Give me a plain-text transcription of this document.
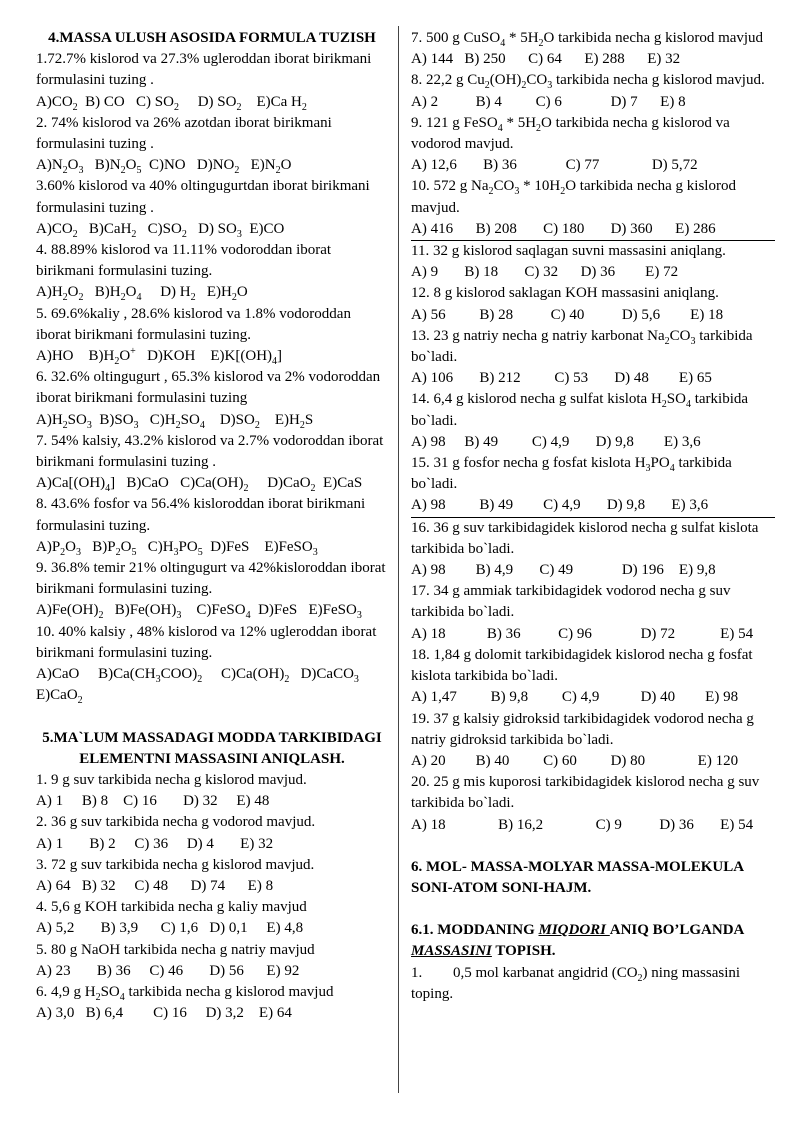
4.MASSA ULUSH ASOSIDA FORMULA TUZISH
1.72.7% kislorod va 27.3% ugleroddan iborat birikmani formulasini tuzing .
$A)CO_2$  B) CO   C) $SO_2$     D) $SO_2$    E)Ca $H_2$
2. 74% kislorod va 26% azotdan iborat birikmani formulasini tuzing .
$A)N_2O_3$   $B)N_2O_5$  C)NO   $D)NO_2$   $E)N_2O$
3.60% kislorod va 40% oltingugurtdan iborat birikmani formulasini tuzing .
$A)CO_2$   B)CaH$_2$   $C)SO_2$   D) $SO_3$  E)CO
4. 88.89% kislorod va 11.11% vodoroddan iborat birikmani formulasini tuzing.
$A)H_2O_2$   $B)H_2O_4$     D) $H_2$   $E)H_2O$
5. 69.6%kaliy , 28.6% kislorod va 1.8% vodoroddan iborat birikmani formulasini tuzing.
A)HO    $B)H_2O^+$   D)KOH    $E)K[(OH)_4]$
6. 32.6% oltingugurt , 65.3% kislorod va 2% vodoroddan iborat birikmani formulasini tuzing
$A)H_2SO_3$  $B)SO_3$   $C)H_2SO_4$    $D)SO_2$    $E)H_2S$
7. 54% kalsiy, 43.2% kislorod va 2.7% vodoroddan iborat birikmani formulasini tuzing .
$A)Ca[(OH)_4]$   B)CaO   $C)Ca(OH)_2$     D)CaO$_2$  E)CaS
8. 43.6% fosfor va 56.4% kisloroddan iborat birikmani formulasini tuzing.
$A)P_2O_3$   $B)P_2O_5$   $C)H_3PO_5$  D)FeS    E)FeSO$_3$
9. 36.8% temir 21% oltingugurt va 42%kisloroddan iborat birikmani formulasini tuzing.
$A)Fe(OH)_2$   $B)Fe(OH)_3$    C)FeSO$_4$  D)FeS   E)FeSO$_3$
10. 40% kalsiy , 48% kislorod va 12% ugleroddan iborat birikmani formulasini tuzing.
A)CaO     $B)Ca(CH_3COO)_2$     $C)Ca(OH)_2$   D)CaCO$_3$
E)CaO$_2$
5.MA`LUM MASSADAGI MODDA TARKIBIDAGI ELEMENTNI MASSASINI ANIQLASH.
1. 9 g suv tarkibida necha g kislorod mavjud.
A) 1     B) 8    C) 16       D) 32     E) 48
2. 36 g suv tarkibida necha g vodorod mavjud.
A) 1       B) 2     C) 36     D) 4       E) 32
3. 72 g suv tarkibida necha g kislorod mavjud.
A) 64   B) 32     C) 48      D) 74      E) 8
4. 5,6 g KOH tarkibida necha g kaliy mavjud
A) 5,2       B) 3,9      C) 1,6   D) 0,1     E) 4,8
5. 80 g NaOH tarkibida necha g natriy mavjud
A) 23       B) 36     C) 46       D) 56      E) 92
6. 4,9 g $H_2SO_4$ tarkibida necha g kislorod mavjud
A) 3,0   B) 6,4        C) 16     D) 3,2    E) 64
7. 500 g CuSO$_4$ * $5H_2O$ tarkibida necha g kislorod mavjud
A) 144   B) 250      C) 64      E) 288      E) 32
8. 22,2 g $Cu_2(OH)_2CO_3$ tarkibida necha g kislorod mavjud.
A) 2          B) 4         C) 6             D) 7      E) 8
9. 121 g FeSO$_4$ * $5H_2O$ tarkibida necha g kislorod va vodorod mavjud.
A) 12,6       B) 36             C) 77              D) 5,72
10. 572 g $Na_2CO_3 * 10H_2O$ tarkibida necha g kislorod mavjud.
A) 416      B) 208       C) 180       D) 360      E) 286
11. 32 g kislorod saqlagan suvni massasini aniqlang.
A) 9       B) 18       C) 32      D) 36        E) 72
12. 8 g kislorod saklagan KOH massasini aniqlang.
A) 56         B) 28          C) 40          D) 5,6        E) 18
13. 23 g natriy necha g natriy karbonat $Na_2CO_3$ tarkibida bo`ladi.
A) 106       B) 212         C) 53       D) 48        E) 65
14. 6,4 g kislorod necha g sulfat kislota $H_2SO_4$ tarkibida bo`ladi.
A) 98     B) 49         C) 4,9       D) 9,8        E) 3,6
15. 31 g fosfor necha g fosfat kislota $H_3PO_4$ tarkibida bo`ladi.
A) 98         B) 49        C) 4,9       D) 9,8       E) 3,6
16. 36 g suv tarkibidagidek kislorod necha g sulfat kislota tarkibida bo`ladi.
A) 98        B) 4,9       C) 49             D) 196    E) 9,8
17. 34 g ammiak tarkibidagidek vodorod necha g suv tarkibida bo`ladi.
A) 18           B) 36          C) 96             D) 72            E) 54
18. 1,84 g dolomit tarkibidagidek kislorod necha g fosfat kislota tarkibida bo`ladi.
A) 1,47         B) 9,8         C) 4,9           D) 40        E) 98
19. 37 g kalsiy gidroksid tarkibidagidek vodorod necha g natriy gidroksid tarkibida bo`ladi.
A) 20        B) 40         C) 60         D) 80              E) 120
20. 25 g mis kuporosi tarkibidagidek kislorod necha g suv tarkibida bo`ladi.
A) 18              B) 16,2              C) 9          D) 36       E) 54
6. MOL- MASSA-MOLYAR MASSA-MOLEKULA SONI-ATOM SONI-HAJM.
6.1. MODDANING MIQDORI ANIQ BO’LGANDA MASSASINI TOPISH.
1. 0,5 mol karbanat angidrid $(CO_2)$ ning massasini toping.
